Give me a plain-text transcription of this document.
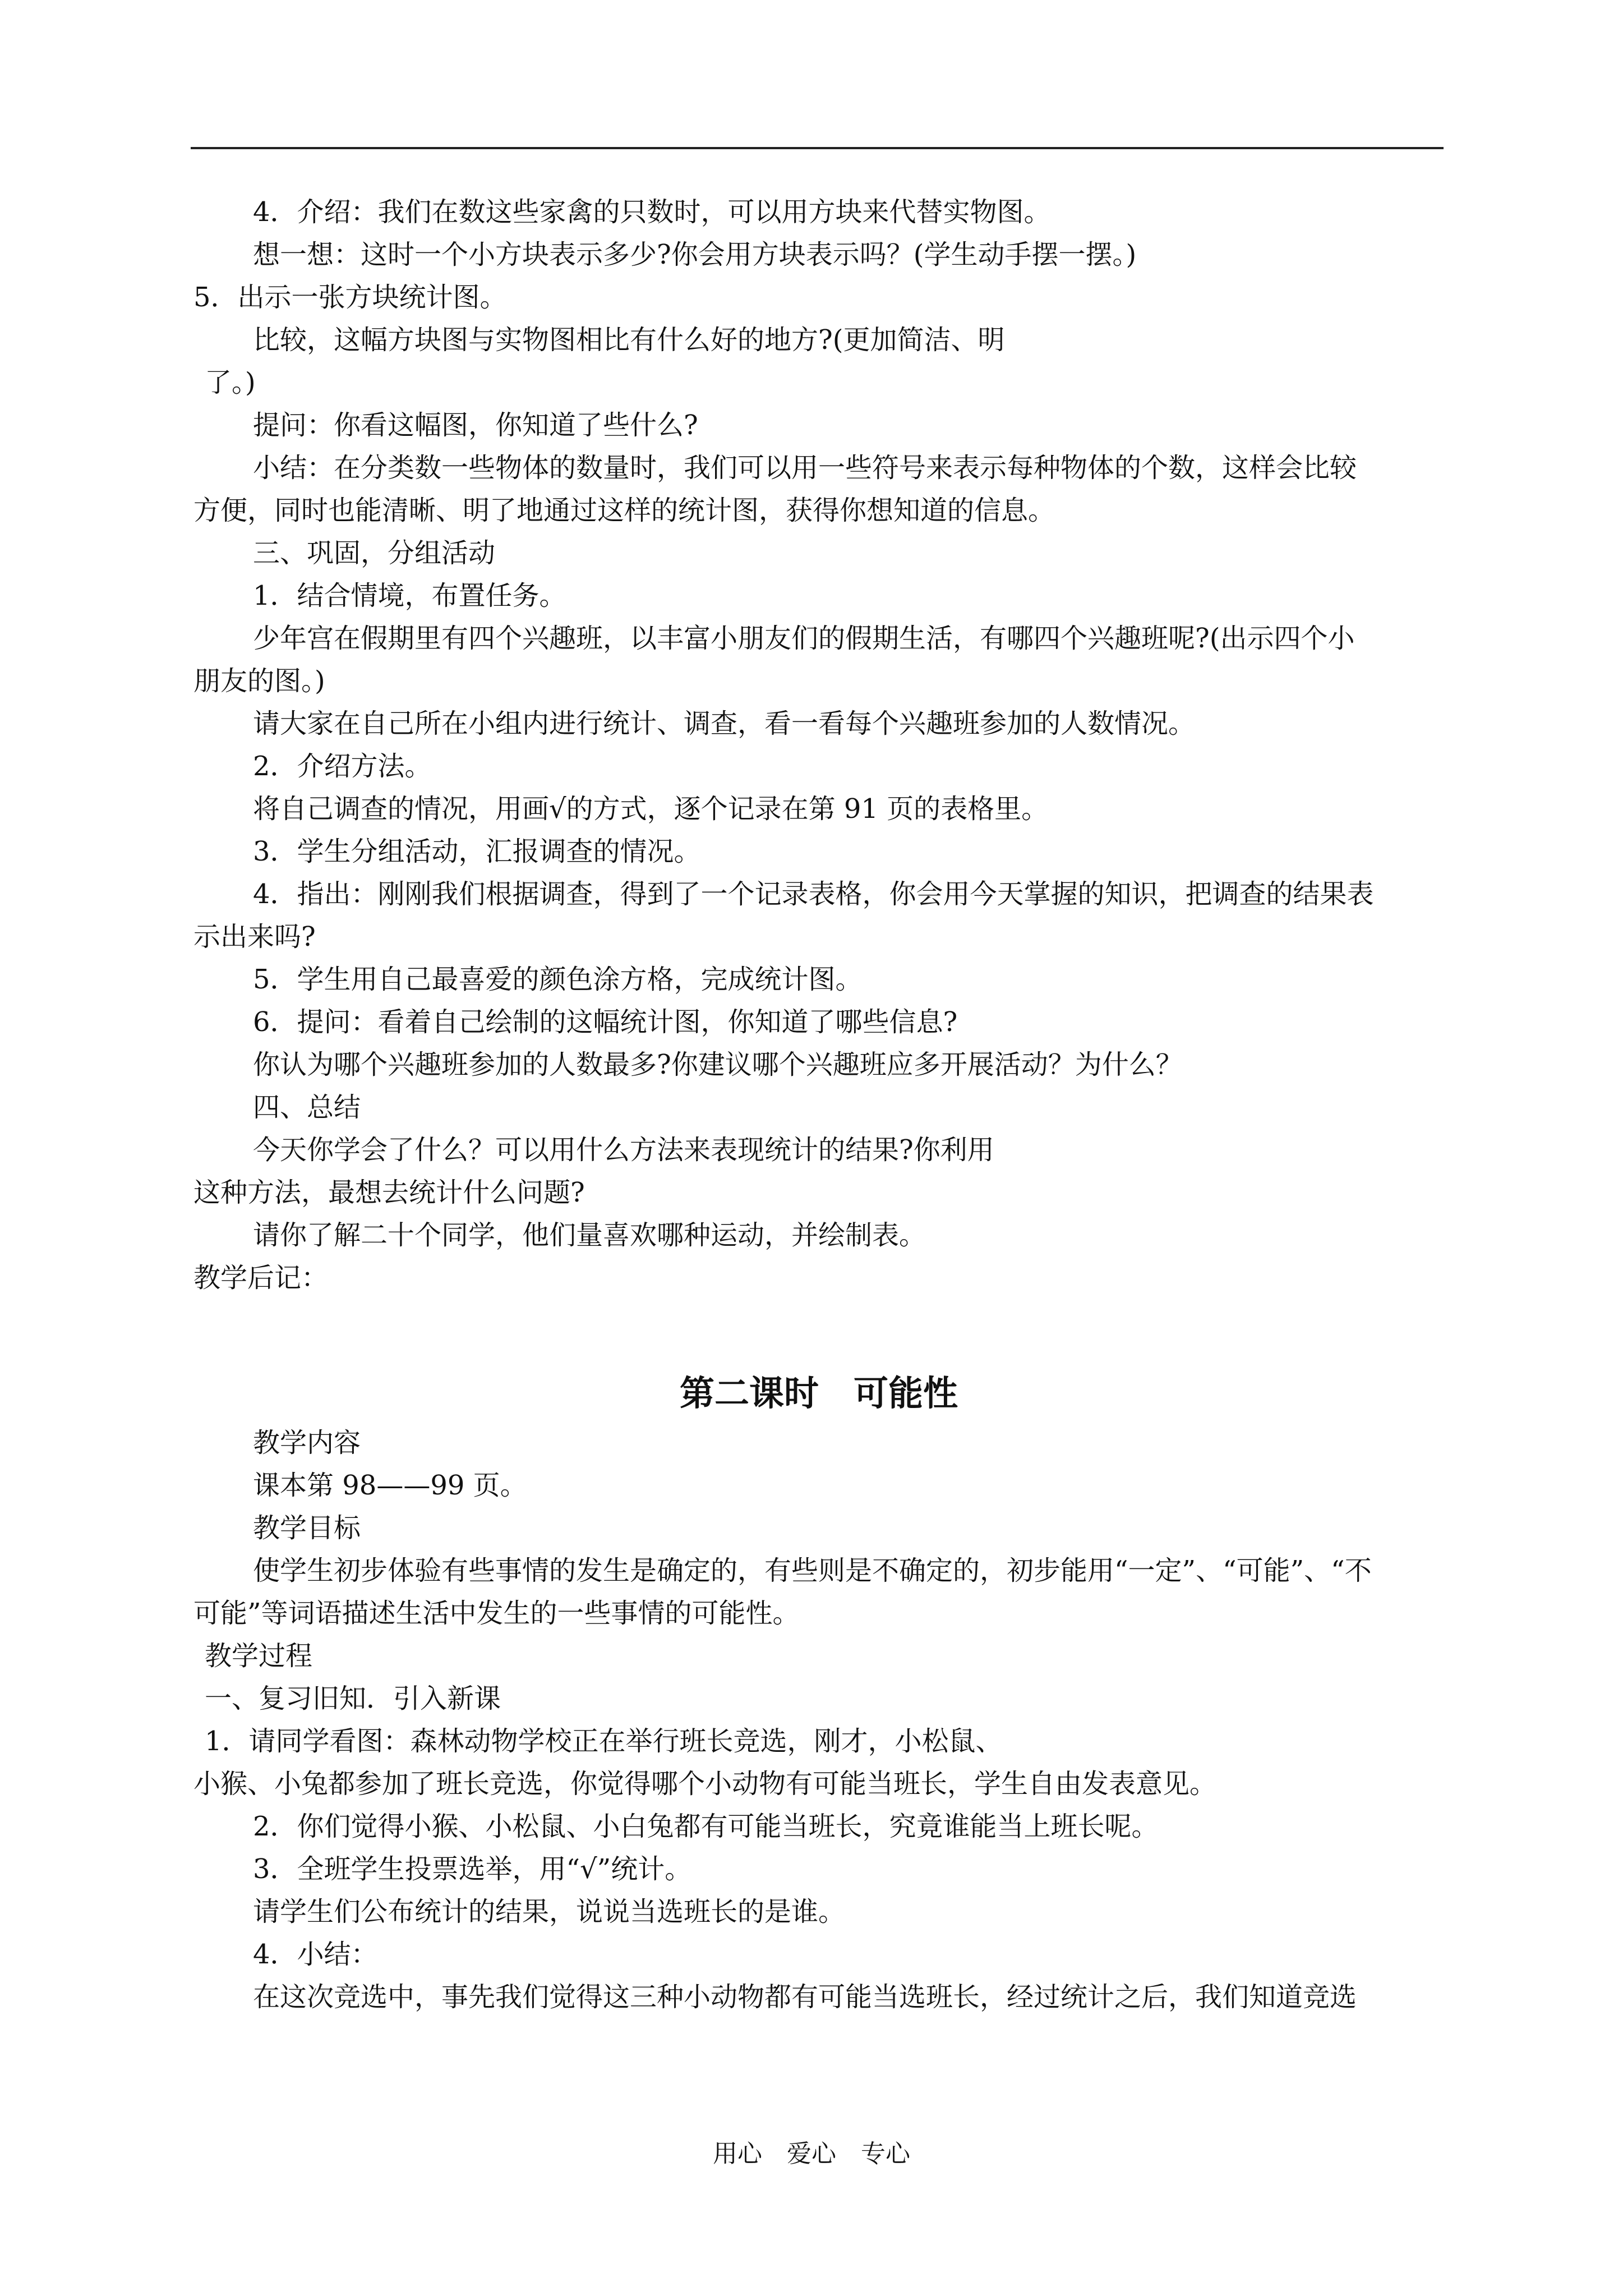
4．介绍：我们在数这些家禽的只数时，可以用方块来代替实物图。

想一想：这时一个小方块表示多少?你会用方块表示吗？(学生动手摆一摆。)

5．出示一张方块统计图。

比较，这幅方块图与实物图相比有什么好的地方?(更加简洁、明

了。)

提问：你看这幅图，你知道了些什么?

小结：在分类数一些物体的数量时，我们可以用一些符号来表示每种物体的个数，这样会比较

方便，同时也能清晰、明了地通过这样的统计图，获得你想知道的信息。

三、巩固，分组活动

1．结合情境，布置任务。

少年宫在假期里有四个兴趣班，以丰富小朋友们的假期生活，有哪四个兴趣班呢?(出示四个小

朋友的图。)

请大家在自己所在小组内进行统计、调查，看一看每个兴趣班参加的人数情况。

2．介绍方法。

将自己调查的情况，用画√的方式，逐个记录在第 91 页的表格里。

3．学生分组活动，汇报调查的情况。

4．指出：刚刚我们根据调查，得到了一个记录表格，你会用今天掌握的知识，把调查的结果表

示出来吗?

5．学生用自己最喜爱的颜色涂方格，完成统计图。

6．提问：看着自己绘制的这幅统计图，你知道了哪些信息?

你认为哪个兴趣班参加的人数最多?你建议哪个兴趣班应多开展活动？为什么？

四、总结

今天你学会了什么？可以用什么方法来表现统计的结果?你利用

这种方法，最想去统计什么问题?

请你了解二十个同学，他们量喜欢哪种运动，并绘制表。

教学后记：

第二课时　可能性

教学内容

课本第 98——99 页。

教学目标

使学生初步体验有些事情的发生是确定的，有些则是不确定的，初步能用“一定”、“可能”、“不

可能”等词语描述生活中发生的一些事情的可能性。

教学过程

一、复习旧知．引入新课

1．请同学看图：森林动物学校正在举行班长竞选，刚才，小松鼠、

小猴、小兔都参加了班长竞选，你觉得哪个小动物有可能当班长，学生自由发表意见。

2．你们觉得小猴、小松鼠、小白兔都有可能当班长，究竟谁能当上班长呢。

3．全班学生投票选举，用“√”统计。

请学生们公布统计的结果，说说当选班长的是谁。

4．小结：

在这次竞选中，事先我们觉得这三种小动物都有可能当选班长，经过统计之后，我们知道竞选

用心　爱心　专心
